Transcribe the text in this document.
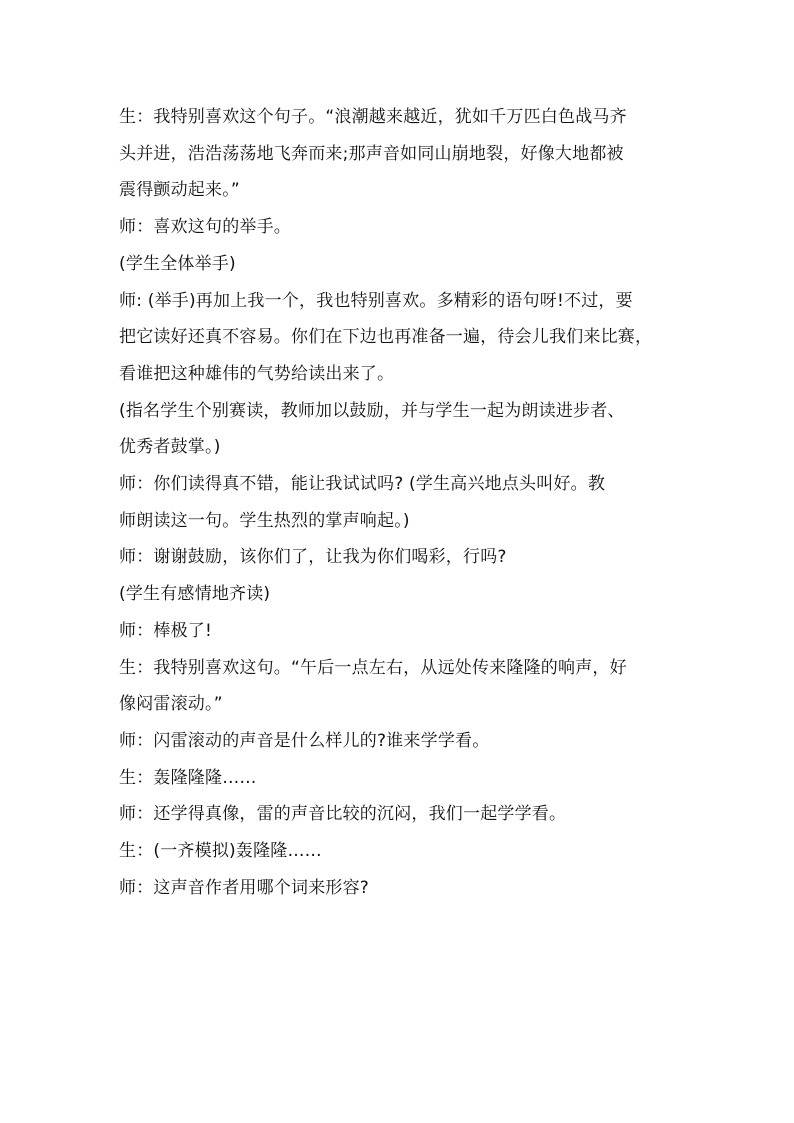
生：我特别喜欢这个句子。“浪潮越来越近，犹如千万匹白色战马齐
头并进，浩浩荡荡地飞奔而来;那声音如同山崩地裂，好像大地都被
震得颤动起来。”

师：喜欢这句的举手。

(学生全体举手)

师: (举手)再加上我一个，我也特别喜欢。多精彩的语句呀!不过，要
把它读好还真不容易。你们在下边也再准备一遍，待会儿我们来比赛，
看谁把这种雄伟的气势给读出来了。

(指名学生个别赛读，教师加以鼓励，并与学生一起为朗读进步者、
优秀者鼓掌。)

师：你们读得真不错，能让我试试吗? (学生高兴地点头叫好。教
师朗读这一句。学生热烈的掌声响起。)

师：谢谢鼓励，该你们了，让我为你们喝彩，行吗?

(学生有感情地齐读)

师：棒极了!

生：我特别喜欢这句。“午后一点左右，从远处传来隆隆的响声，好
像闷雷滚动。”

师：闪雷滚动的声音是什么样儿的?谁来学学看。

生：轰隆隆隆……

师：还学得真像，雷的声音比较的沉闷，我们一起学学看。

生：(一齐模拟)轰隆隆……

师：这声音作者用哪个词来形容?
